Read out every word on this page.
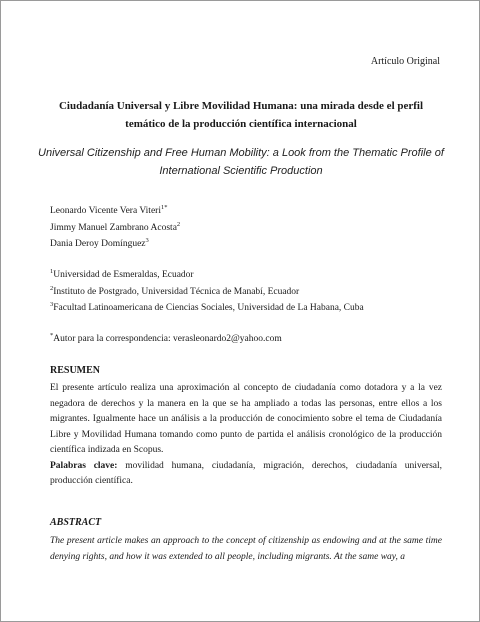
Artículo Original
Ciudadanía Universal y Libre Movilidad Humana: una mirada desde el perfil
temático de la producción científica internacional
Universal Citizenship and Free Human Mobility: a Look from the Thematic Profile of
International Scientific Production
Leonardo Vicente Vera Viteri$^{1*}$
Jimmy Manuel Zambrano Acosta$^2$
Dania Deroy Domínguez$^3$
$^1$Universidad de Esmeraldas, Ecuador
$^2$Instituto de Postgrado, Universidad Técnica de Manabí, Ecuador
$^3$Facultad Latinoamericana de Ciencias Sociales, Universidad de La Habana, Cuba
*Autor para la correspondencia: verasleonardo2@yahoo.com
RESUMEN

El presente artículo realiza una aproximación al concepto de ciudadanía como dotadora y a la vez negadora de derechos y la manera en la que se ha ampliado a todas las personas, entre ellos a los migrantes. Igualmente hace un análisis a la producción de conocimiento sobre el tema de Ciudadanía Libre y Movilidad Humana tomando como punto de partida el análisis cronológico de la producción científica indizada en Scopus.

Palabras clave: movilidad humana, ciudadanía, migración, derechos, ciudadanía universal, producción científica.

ABSTRACT
The present article makes an approach to the concept of citizenship as endowing and at the same time denying rights, and how it was extended to all people, including migrants. At the same way, a
